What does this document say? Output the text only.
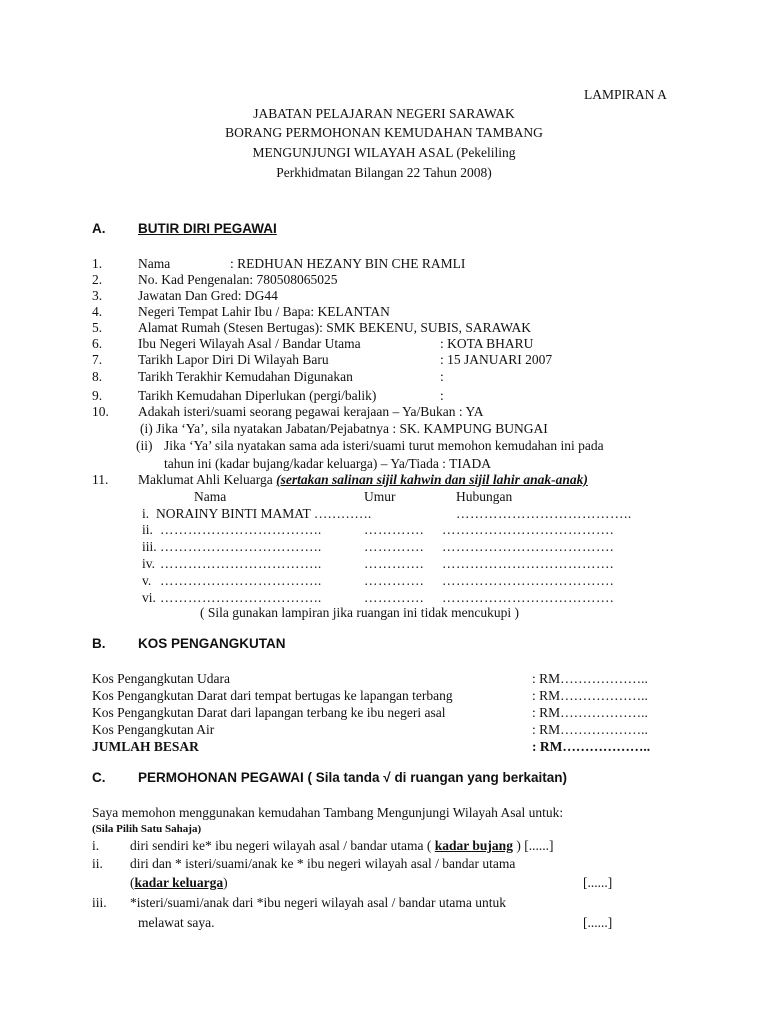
LAMPIRAN A
JABATAN PELAJARAN NEGERI SARAWAK
BORANG PERMOHONAN KEMUDAHAN TAMBANG
MENGUNJUNGI WILAYAH ASAL (Pekeliling
Perkhidmatan Bilangan 22 Tahun 2008)
A. BUTIR DIRI PEGAWAI
1.	Nama	: REDHUAN HEZANY BIN CHE RAMLI
2.	No. Kad Pengenalan: 780508065025
3.	Jawatan Dan Gred: DG44
4.	Negeri Tempat Lahir Ibu / Bapa: KELANTAN
5.	Alamat Rumah (Stesen Bertugas): SMK BEKENU, SUBIS, SARAWAK
6.	Ibu Negeri Wilayah Asal / Bandar Utama	: KOTA BHARU
7.	Tarikh Lapor Diri Di Wilayah Baru	: 15 JANUARI 2007
8.	Tarikh Terakhir Kemudahan Digunakan	:
9.	Tarikh Kemudahan Diperlukan (pergi/balik)	:
10. Adakah isteri/suami seorang pegawai kerajaan – Ya/Bukan : YA
(i) Jika ‘Ya’, sila nyatakan Jabatan/Pejabatnya : SK. KAMPUNG BUNGAI
(ii) Jika ‘Ya’ sila nyatakan sama ada isteri/suami turut memohon kemudahan ini pada
tahun ini (kadar bujang/kadar keluarga) – Ya/Tiada : TIADA
11. Maklumat Ahli Keluarga (sertakan salinan sijil kahwin dan sijil lahir anak-anak)
Nama	Umur	Hubungan
i. NORAINY BINTI MAMAT ………….	………………………………..
ii. ……………………………..	…………. ……………………………….
iii. ……………………………..	…………. ……………………………….
iv. ……………………………..	…………. ……………………………….
v. ……………………………..	…………. ……………………………….
vi. ……………………………..	…………. ……………………………….
( Sila gunakan lampiran jika ruangan ini tidak mencukupi )
B. KOS PENGANGKUTAN
Kos Pengangkutan Udara	: RM………………..
Kos Pengangkutan Darat dari tempat bertugas ke lapangan terbang	: RM………………..
Kos Pengangkutan Darat dari lapangan terbang ke ibu negeri asal	: RM………………..
Kos Pengangkutan Air	: RM………………..
JUMLAH BESAR	: RM………………..
C. PERMOHONAN PEGAWAI ( Sila tanda √ di ruangan yang berkaitan)
Saya memohon menggunakan kemudahan Tambang Mengunjungi Wilayah Asal untuk:
(Sila Pilih Satu Sahaja)
i. diri sendiri ke* ibu negeri wilayah asal / bandar utama ( kadar bujang ) [......]
ii. diri dan * isteri/suami/anak ke * ibu negeri wilayah asal / bandar utama
(kadar keluarga)	[......]
iii. *isteri/suami/anak dari *ibu negeri wilayah asal / bandar utama untuk
melawat saya.	[......]
